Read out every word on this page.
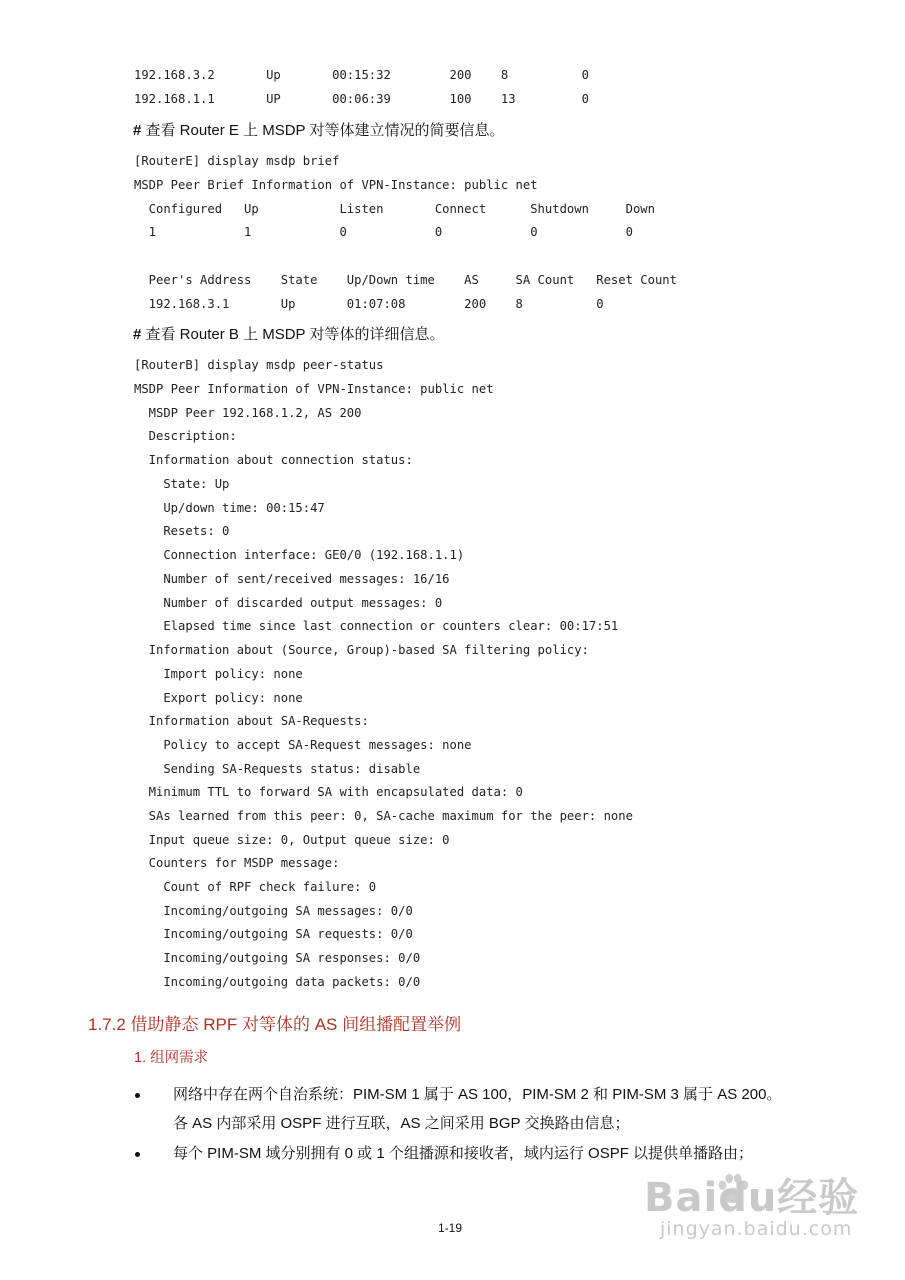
192.168.3.2       Up       00:15:32        200    8          0
192.168.1.1       UP       00:06:39        100    13         0
# 查看 Router E 上 MSDP 对等体建立情况的简要信息。
[RouterE] display msdp brief
MSDP Peer Brief Information of VPN-Instance: public net
Configured   Up           Listen       Connect      Shutdown     Down
1            1            0            0            0            0
Peer's Address    State    Up/Down time    AS     SA Count   Reset Count
192.168.3.1       Up       01:07:08        200    8          0
# 查看 Router B 上 MSDP 对等体的详细信息。
[RouterB] display msdp peer-status
MSDP Peer Information of VPN-Instance: public net
MSDP Peer 192.168.1.2, AS 200
Description:
Information about connection status:
State: Up
Up/down time: 00:15:47
Resets: 0
Connection interface: GE0/0 (192.168.1.1)
Number of sent/received messages: 16/16
Number of discarded output messages: 0
Elapsed time since last connection or counters clear: 00:17:51
Information about (Source, Group)-based SA filtering policy:
Import policy: none
Export policy: none
Information about SA-Requests:
Policy to accept SA-Request messages: none
Sending SA-Requests status: disable
Minimum TTL to forward SA with encapsulated data: 0
SAs learned from this peer: 0, SA-cache maximum for the peer: none
Input queue size: 0, Output queue size: 0
Counters for MSDP message:
Count of RPF check failure: 0
Incoming/outgoing SA messages: 0/0
Incoming/outgoing SA requests: 0/0
Incoming/outgoing SA responses: 0/0
Incoming/outgoing data packets: 0/0
1.7.2 借助静态 RPF 对等体的 AS 间组播配置举例
1. 组网需求
网络中存在两个自治系统：PIM-SM 1 属于 AS 100，PIM-SM 2 和 PIM-SM 3 属于 AS 200。
各 AS 内部采用 OSPF 进行互联，AS 之间采用 BGP 交换路由信息；
每个 PIM-SM 域分别拥有 0 或 1 个组播源和接收者，域内运行 OSPF 以提供单播路由；
1-19
Baidu经验
jingyan.baidu.com
